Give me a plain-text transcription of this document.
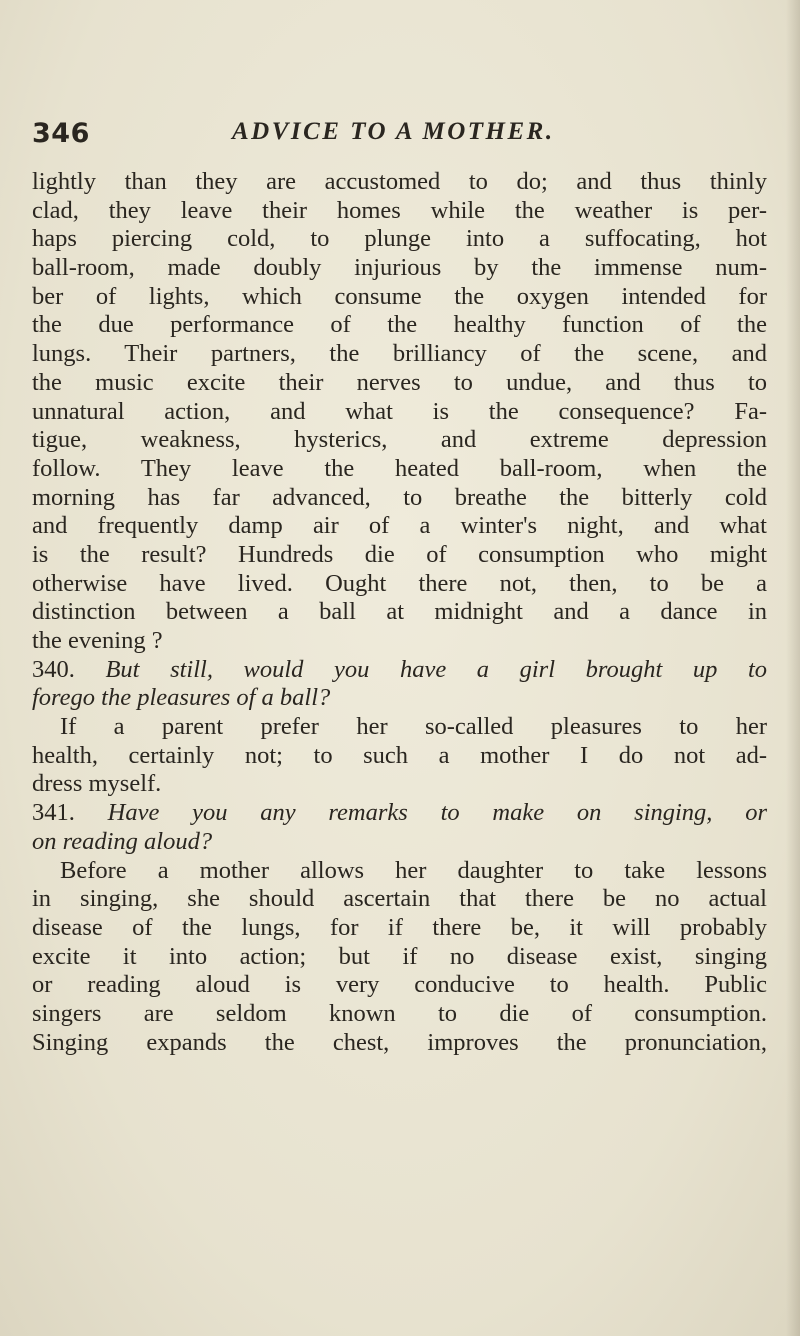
346	ADVICE TO A MOTHER.
lightly than they are accustomed to do; and thus thinly
clad, they leave their homes while the weather is per-
haps piercing cold, to plunge into a suffocating, hot
ball-room, made doubly injurious by the immense num-
ber of lights, which consume the oxygen intended for
the due performance of the healthy function of the
lungs. Their partners, the brilliancy of the scene, and
the music excite their nerves to undue, and thus to
unnatural action, and what is the consequence? Fa-
tigue, weakness, hysterics, and extreme depression
follow. They leave the heated ball-room, when the
morning has far advanced, to breathe the bitterly cold
and frequently damp air of a winter's night, and what
is the result? Hundreds die of consumption who might
otherwise have lived. Ought there not, then, to be a
distinction between a ball at midnight and a dance in
the evening ?
340. But still, would you have a girl brought up to
forego the pleasures of a ball?
If a parent prefer her so-called pleasures to her
health, certainly not; to such a mother I do not ad-
dress myself.
341. Have you any remarks to make on singing, or
on reading aloud?
Before a mother allows her daughter to take lessons
in singing, she should ascertain that there be no actual
disease of the lungs, for if there be, it will probably
excite it into action; but if no disease exist, singing
or reading aloud is very conducive to health. Public
singers are seldom known to die of consumption.
Singing expands the chest, improves the pronunciation,
